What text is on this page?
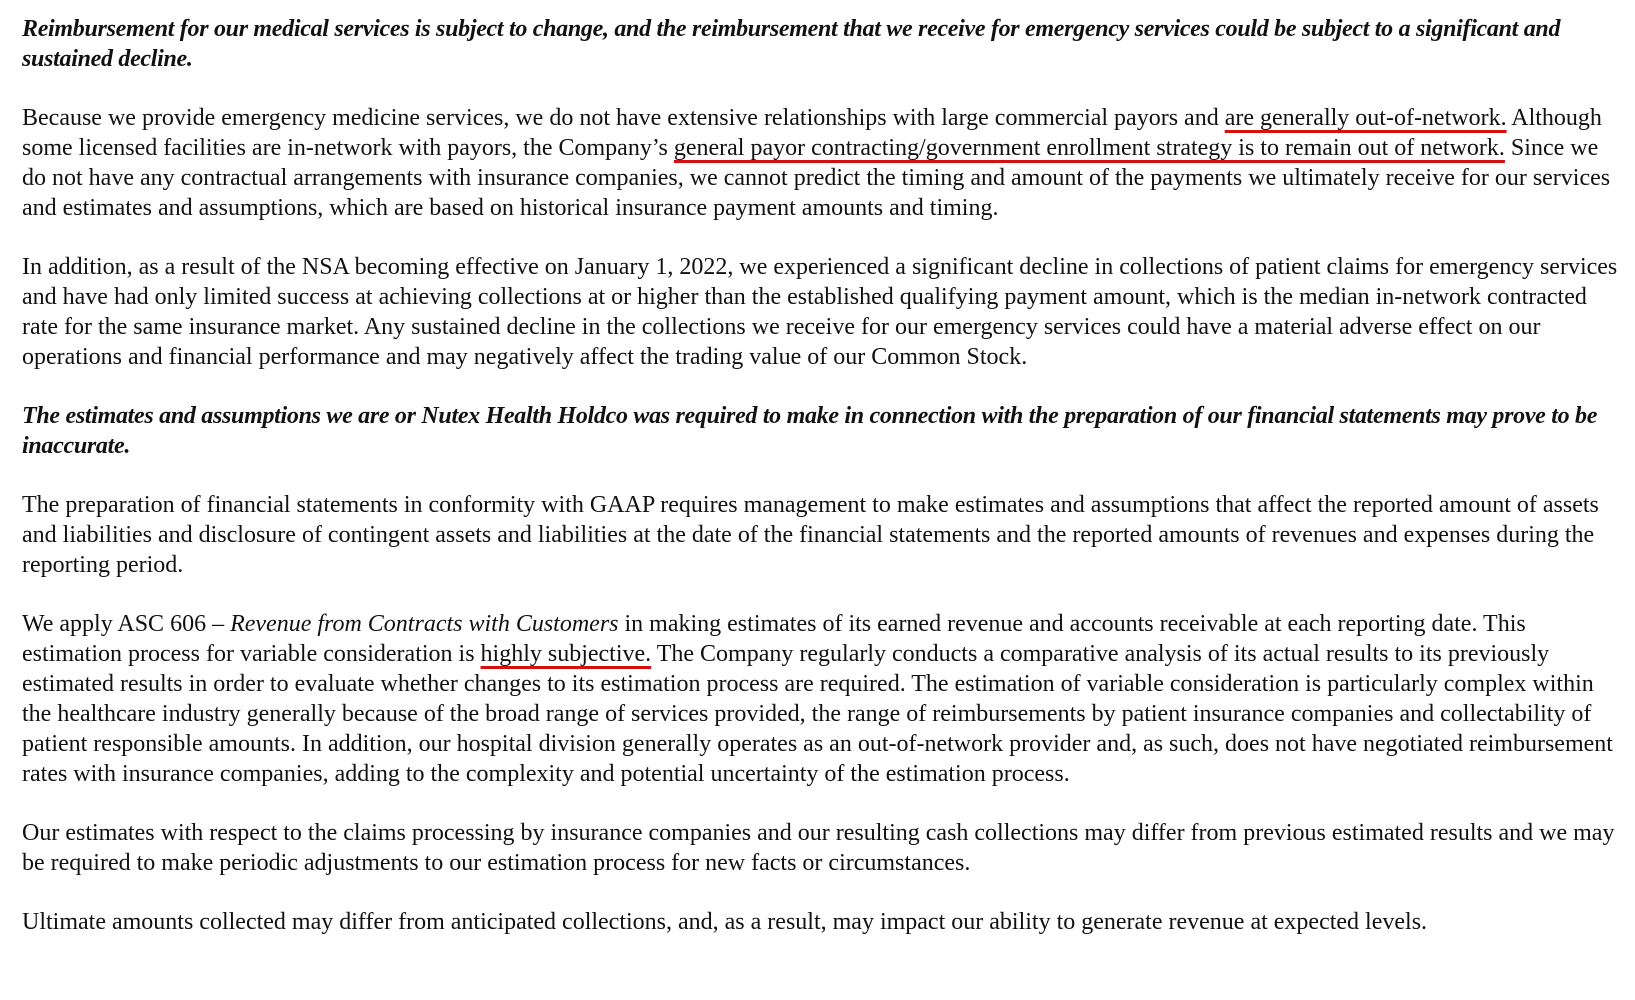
Reimbursement for our medical services is subject to change, and the reimbursement that we receive for emergency services could be subject to a significant and sustained decline.

Because we provide emergency medicine services, we do not have extensive relationships with large commercial payors and are generally out-of-network. Although some licensed facilities are in-network with payors, the Company’s general payor contracting/government enrollment strategy is to remain out of network. Since we do not have any contractual arrangements with insurance companies, we cannot predict the timing and amount of the payments we ultimately receive for our services and estimates and assumptions, which are based on historical insurance payment amounts and timing.

In addition, as a result of the NSA becoming effective on January 1, 2022, we experienced a significant decline in collections of patient claims for emergency services and have had only limited success at achieving collections at or higher than the established qualifying payment amount, which is the median in-network contracted rate for the same insurance market. Any sustained decline in the collections we receive for our emergency services could have a material adverse effect on our operations and financial performance and may negatively affect the trading value of our Common Stock.

The estimates and assumptions we are or Nutex Health Holdco was required to make in connection with the preparation of our financial statements may prove to be inaccurate.

The preparation of financial statements in conformity with GAAP requires management to make estimates and assumptions that affect the reported amount of assets and liabilities and disclosure of contingent assets and liabilities at the date of the financial statements and the reported amounts of revenues and expenses during the reporting period.

We apply ASC 606 – Revenue from Contracts with Customers in making estimates of its earned revenue and accounts receivable at each reporting date. This estimation process for variable consideration is highly subjective. The Company regularly conducts a comparative analysis of its actual results to its previously estimated results in order to evaluate whether changes to its estimation process are required. The estimation of variable consideration is particularly complex within the healthcare industry generally because of the broad range of services provided, the range of reimbursements by patient insurance companies and collectability of patient responsible amounts. In addition, our hospital division generally operates as an out-of-network provider and, as such, does not have negotiated reimbursement rates with insurance companies, adding to the complexity and potential uncertainty of the estimation process.

Our estimates with respect to the claims processing by insurance companies and our resulting cash collections may differ from previous estimated results and we may be required to make periodic adjustments to our estimation process for new facts or circumstances.

Ultimate amounts collected may differ from anticipated collections, and, as a result, may impact our ability to generate revenue at expected levels.
